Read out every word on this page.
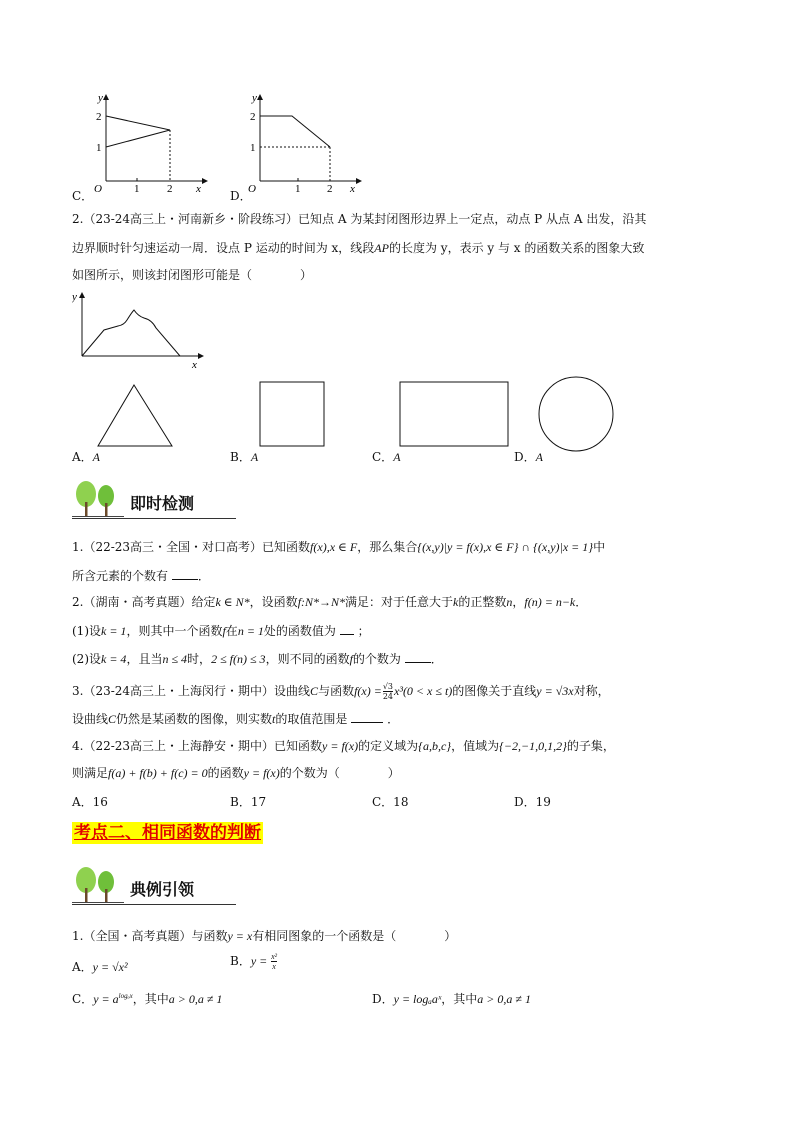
y
x
O
2
1
1	2
C．
y
x
O
2
1
1 2
D．
2.（23-24高三上・河南新乡・阶段练习）已知点 A 为某封闭图形边界上一定点，动点 P 从点 A 出发，沿其
边界顺时针匀速运动一周．设点 P 运动的时间为 x，线段AP的长度为 y，表示 y 与 x 的函数关系的图象大致
如图所示，则该封闭图形可能是（　　　　）
y
x
A．A	B．A	C．A	D．A
即时检测
1.（22-23高三・全国・对口高考）已知函数f(x),x ∈ F，那么集合{(x,y)|y = f(x),x ∈ F} ∩ {(x,y)|x = 1}中
所含元素的个数有 ．
2.（湖南・高考真题）给定k ∈ N*，设函数f:N*→N*满足：对于任意大于k的正整数n，f(n) = n−k．
(1)设k = 1，则其中一个函数f在n = 1处的函数值为 ；
(2)设k = 4，且当n ≤ 4时，2 ≤ f(n) ≤ 3，则不同的函数f的个数为 ．
3.（23-24高三上・上海闵行・期中）设曲线C与函数$f(x) = \frac{√3}{24} x^3(0 < x \le t)$的图像关于直线y = √3x对称，
设曲线C仍然是某函数的图像，则实数t的取值范围是	．
4.（22-23高三上・上海静安・期中）已知函数y = f(x)的定义域为{a,b,c}，值域为{−2,−1,0,1,2}的子集，
则满足f(a) + f(b) + f(c) = 0的函数y = f(x)的个数为（　　　　）
A．16	B．17	C．18	D．19
考点二、相同函数的判断
典例引领
1.（全国・高考真题）与函数y = x有相同图象的一个函数是（　　　　）
A．y = √x²	B．$y = \frac{\text{x²}}{x}$
C．$y = a^{log_ax}$，其中a > 0,a ≠ 1	D．y = logₐaˣ，其中a > 0,a ≠ 1
